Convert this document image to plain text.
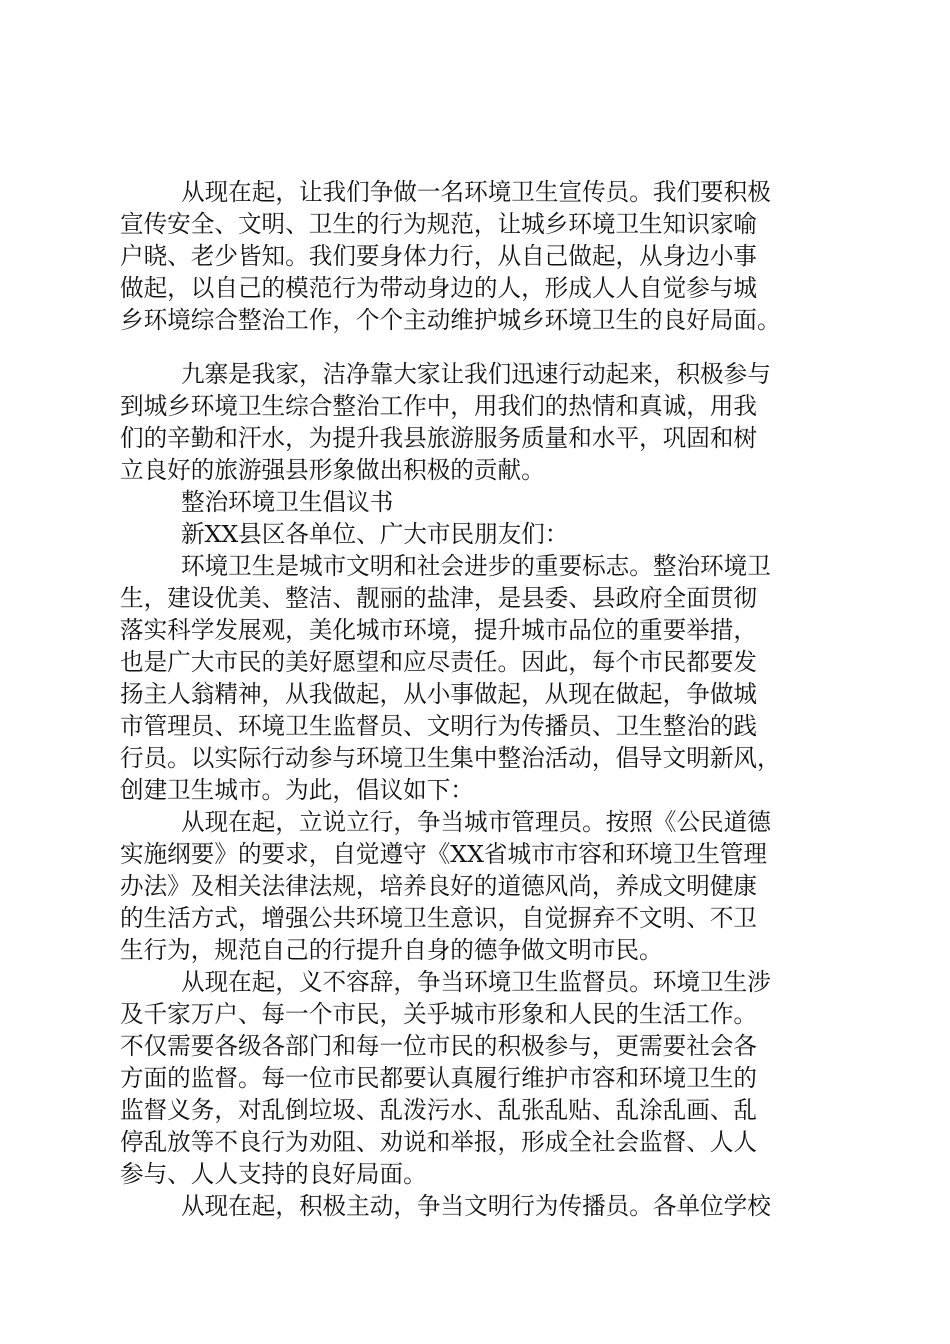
从现在起，让我们争做一名环境卫生宣传员。我们要积极
宣传安全、文明、卫生的行为规范，让城乡环境卫生知识家喻
户晓、老少皆知。我们要身体力行，从自己做起，从身边小事
做起，以自己的模范行为带动身边的人，形成人人自觉参与城
乡环境综合整治工作，个个主动维护城乡环境卫生的良好局面。
九寨是我家，洁净靠大家让我们迅速行动起来，积极参与
到城乡环境卫生综合整治工作中，用我们的热情和真诚，用我
们的辛勤和汗水，为提升我县旅游服务质量和水平，巩固和树
立良好的旅游强县形象做出积极的贡献。
整治环境卫生倡议书
新XX县区各单位、广大市民朋友们：
环境卫生是城市文明和社会进步的重要标志。整治环境卫
生，建设优美、整洁、靓丽的盐津，是县委、县政府全面贯彻
落实科学发展观，美化城市环境，提升城市品位的重要举措，
也是广大市民的美好愿望和应尽责任。因此，每个市民都要发
扬主人翁精神，从我做起，从小事做起，从现在做起，争做城
市管理员、环境卫生监督员、文明行为传播员、卫生整治的践
行员。以实际行动参与环境卫生集中整治活动，倡导文明新风，
创建卫生城市。为此，倡议如下：
从现在起，立说立行，争当城市管理员。按照《公民道德
实施纲要》的要求，自觉遵守《XX省城市市容和环境卫生管理
办法》及相关法律法规，培养良好的道德风尚，养成文明健康
的生活方式，增强公共环境卫生意识，自觉摒弃不文明、不卫
生行为，规范自己的行提升自身的德争做文明市民。
从现在起，义不容辞，争当环境卫生监督员。环境卫生涉
及千家万户、每一个市民，关乎城市形象和人民的生活工作。
不仅需要各级各部门和每一位市民的积极参与，更需要社会各
方面的监督。每一位市民都要认真履行维护市容和环境卫生的
监督义务，对乱倒垃圾、乱泼污水、乱张乱贴、乱涂乱画、乱
停乱放等不良行为劝阻、劝说和举报，形成全社会监督、人人
参与、人人支持的良好局面。
从现在起，积极主动，争当文明行为传播员。各单位学校
